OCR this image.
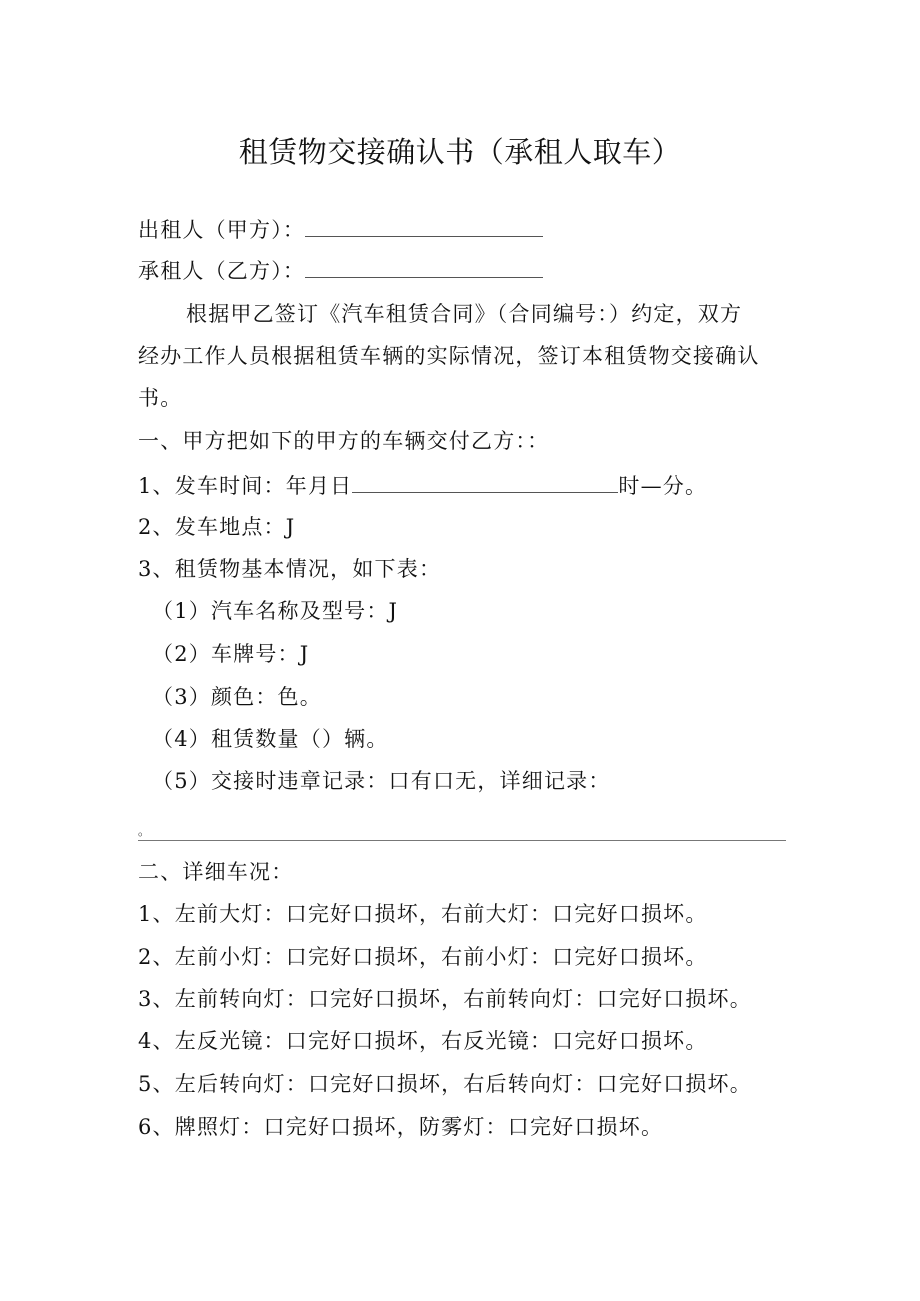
租赁物交接确认书（承租人取车）
出租人（甲方）：
承租人（乙方）：
根据甲乙签订《汽车租赁合同》（合同编号：）约定，双方
经办工作人员根据租赁车辆的实际情况，签订本租赁物交接确认
书。
一、甲方把如下的甲方的车辆交付乙方：：
1、发车时间：年月日	时—分。
2、发车地点：J
3、租赁物基本情况，如下表：
（1）汽车名称及型号：J
（2）车牌号：J
（3）颜色：色。
（4）租赁数量（）辆。
（5）交接时违章记录：口有口无，详细记录：
。
二、详细车况：
1、左前大灯：口完好口损坏，右前大灯：口完好口损坏。
2、左前小灯：口完好口损坏，右前小灯：口完好口损坏。
3、左前转向灯：口完好口损坏，右前转向灯：口完好口损坏。
4、左反光镜：口完好口损坏，右反光镜：口完好口损坏。
5、左后转向灯：口完好口损坏，右后转向灯：口完好口损坏。
6、牌照灯：口完好口损坏，防雾灯：口完好口损坏。
